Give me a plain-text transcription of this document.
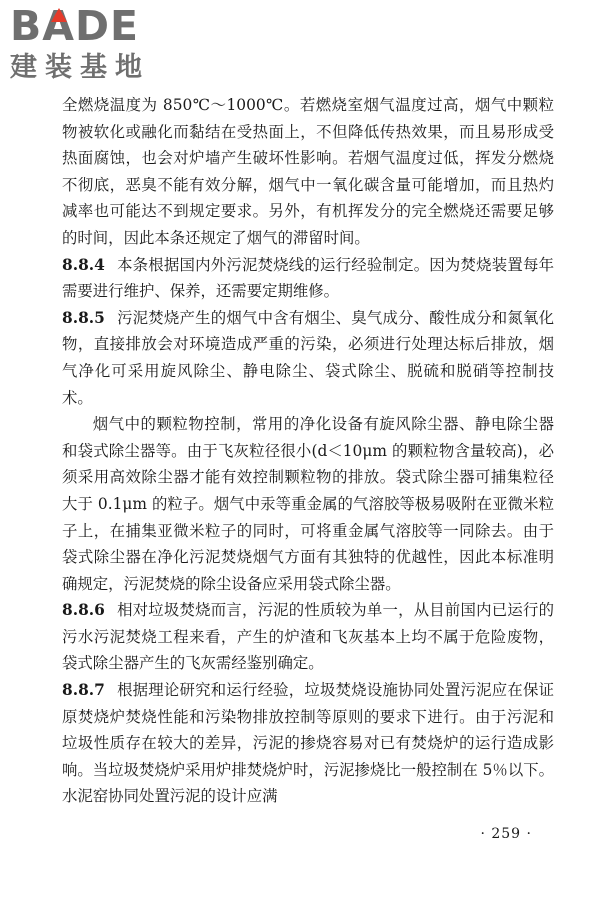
B A DE
建装基地

全燃烧温度为 850℃～1000℃。若燃烧室烟气温度过高，烟气中颗粒物被软化或融化而黏结在受热面上，不但降低传热效果，而且易形成受热面腐蚀，也会对炉墙产生破坏性影响。若烟气温度过低，挥发分燃烧不彻底，恶臭不能有效分解，烟气中一氧化碳含量可能增加，而且热灼减率也可能达不到规定要求。另外，有机挥发分的完全燃烧还需要足够的时间，因此本条还规定了烟气的滞留时间。

8.8.4 本条根据国内外污泥焚烧线的运行经验制定。因为焚烧装置每年需要进行维护、保养，还需要定期维修。

8.8.5 污泥焚烧产生的烟气中含有烟尘、臭气成分、酸性成分和氮氧化物，直接排放会对环境造成严重的污染，必须进行处理达标后排放，烟气净化可采用旋风除尘、静电除尘、袋式除尘、脱硫和脱硝等控制技术。

烟气中的颗粒物控制，常用的净化设备有旋风除尘器、静电除尘器和袋式除尘器等。由于飞灰粒径很小(d＜10μm 的颗粒物含量较高)，必须采用高效除尘器才能有效控制颗粒物的排放。袋式除尘器可捕集粒径大于 0.1μm 的粒子。烟气中汞等重金属的气溶胶等极易吸附在亚微米粒子上，在捕集亚微米粒子的同时，可将重金属气溶胶等一同除去。由于袋式除尘器在净化污泥焚烧烟气方面有其独特的优越性，因此本标准明确规定，污泥焚烧的除尘设备应采用袋式除尘器。

8.8.6 相对垃圾焚烧而言，污泥的性质较为单一，从目前国内已运行的污水污泥焚烧工程来看，产生的炉渣和飞灰基本上均不属于危险废物，袋式除尘器产生的飞灰需经鉴别确定。

8.8.7 根据理论研究和运行经验，垃圾焚烧设施协同处置污泥应在保证原焚烧炉焚烧性能和污染物排放控制等原则的要求下进行。由于污泥和垃圾性质存在较大的差异，污泥的掺烧容易对已有焚烧炉的运行造成影响。当垃圾焚烧炉采用炉排焚烧炉时，污泥掺烧比一般控制在 5％以下。水泥窑协同处置污泥的设计应满

· 259 ·
